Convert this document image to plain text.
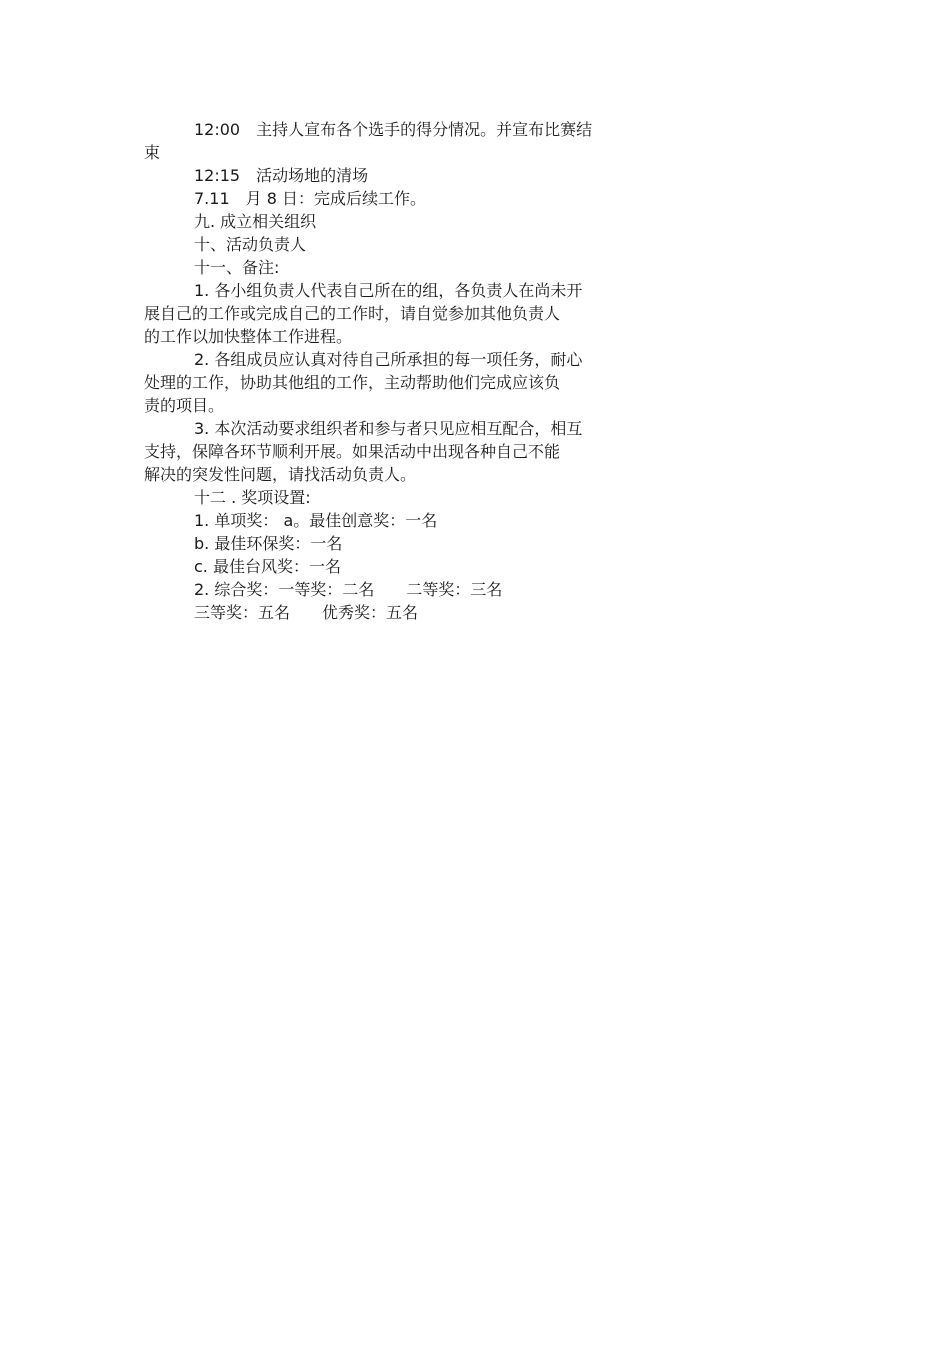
12:00　主持人宣布各个选手的得分情况。并宣布比赛结
束
12:15　活动场地的清场
7.11　月 8 日：完成后续工作。
九. 成立相关组织
十、活动负责人
十一、备注:
1. 各小组负责人代表自己所在的组，各负责人在尚未开
展自己的工作或完成自己的工作时，请自觉参加其他负责人
的工作以加快整体工作进程。
2. 各组成员应认真对待自己所承担的每一项任务，耐心
处理的工作，协助其他组的工作，主动帮助他们完成应该负
责的项目。
3. 本次活动要求组织者和参与者只见应相互配合，相互
支持，保障各环节顺利开展。如果活动中出现各种自己不能
解决的突发性问题，请找活动负责人。
十二 . 奖项设置:
1. 单项奖： a。最佳创意奖：一名
b. 最佳环保奖：一名
c. 最佳台风奖：一名
2. 综合奖：一等奖：二名　　二等奖：三名
三等奖：五名　　优秀奖：五名
